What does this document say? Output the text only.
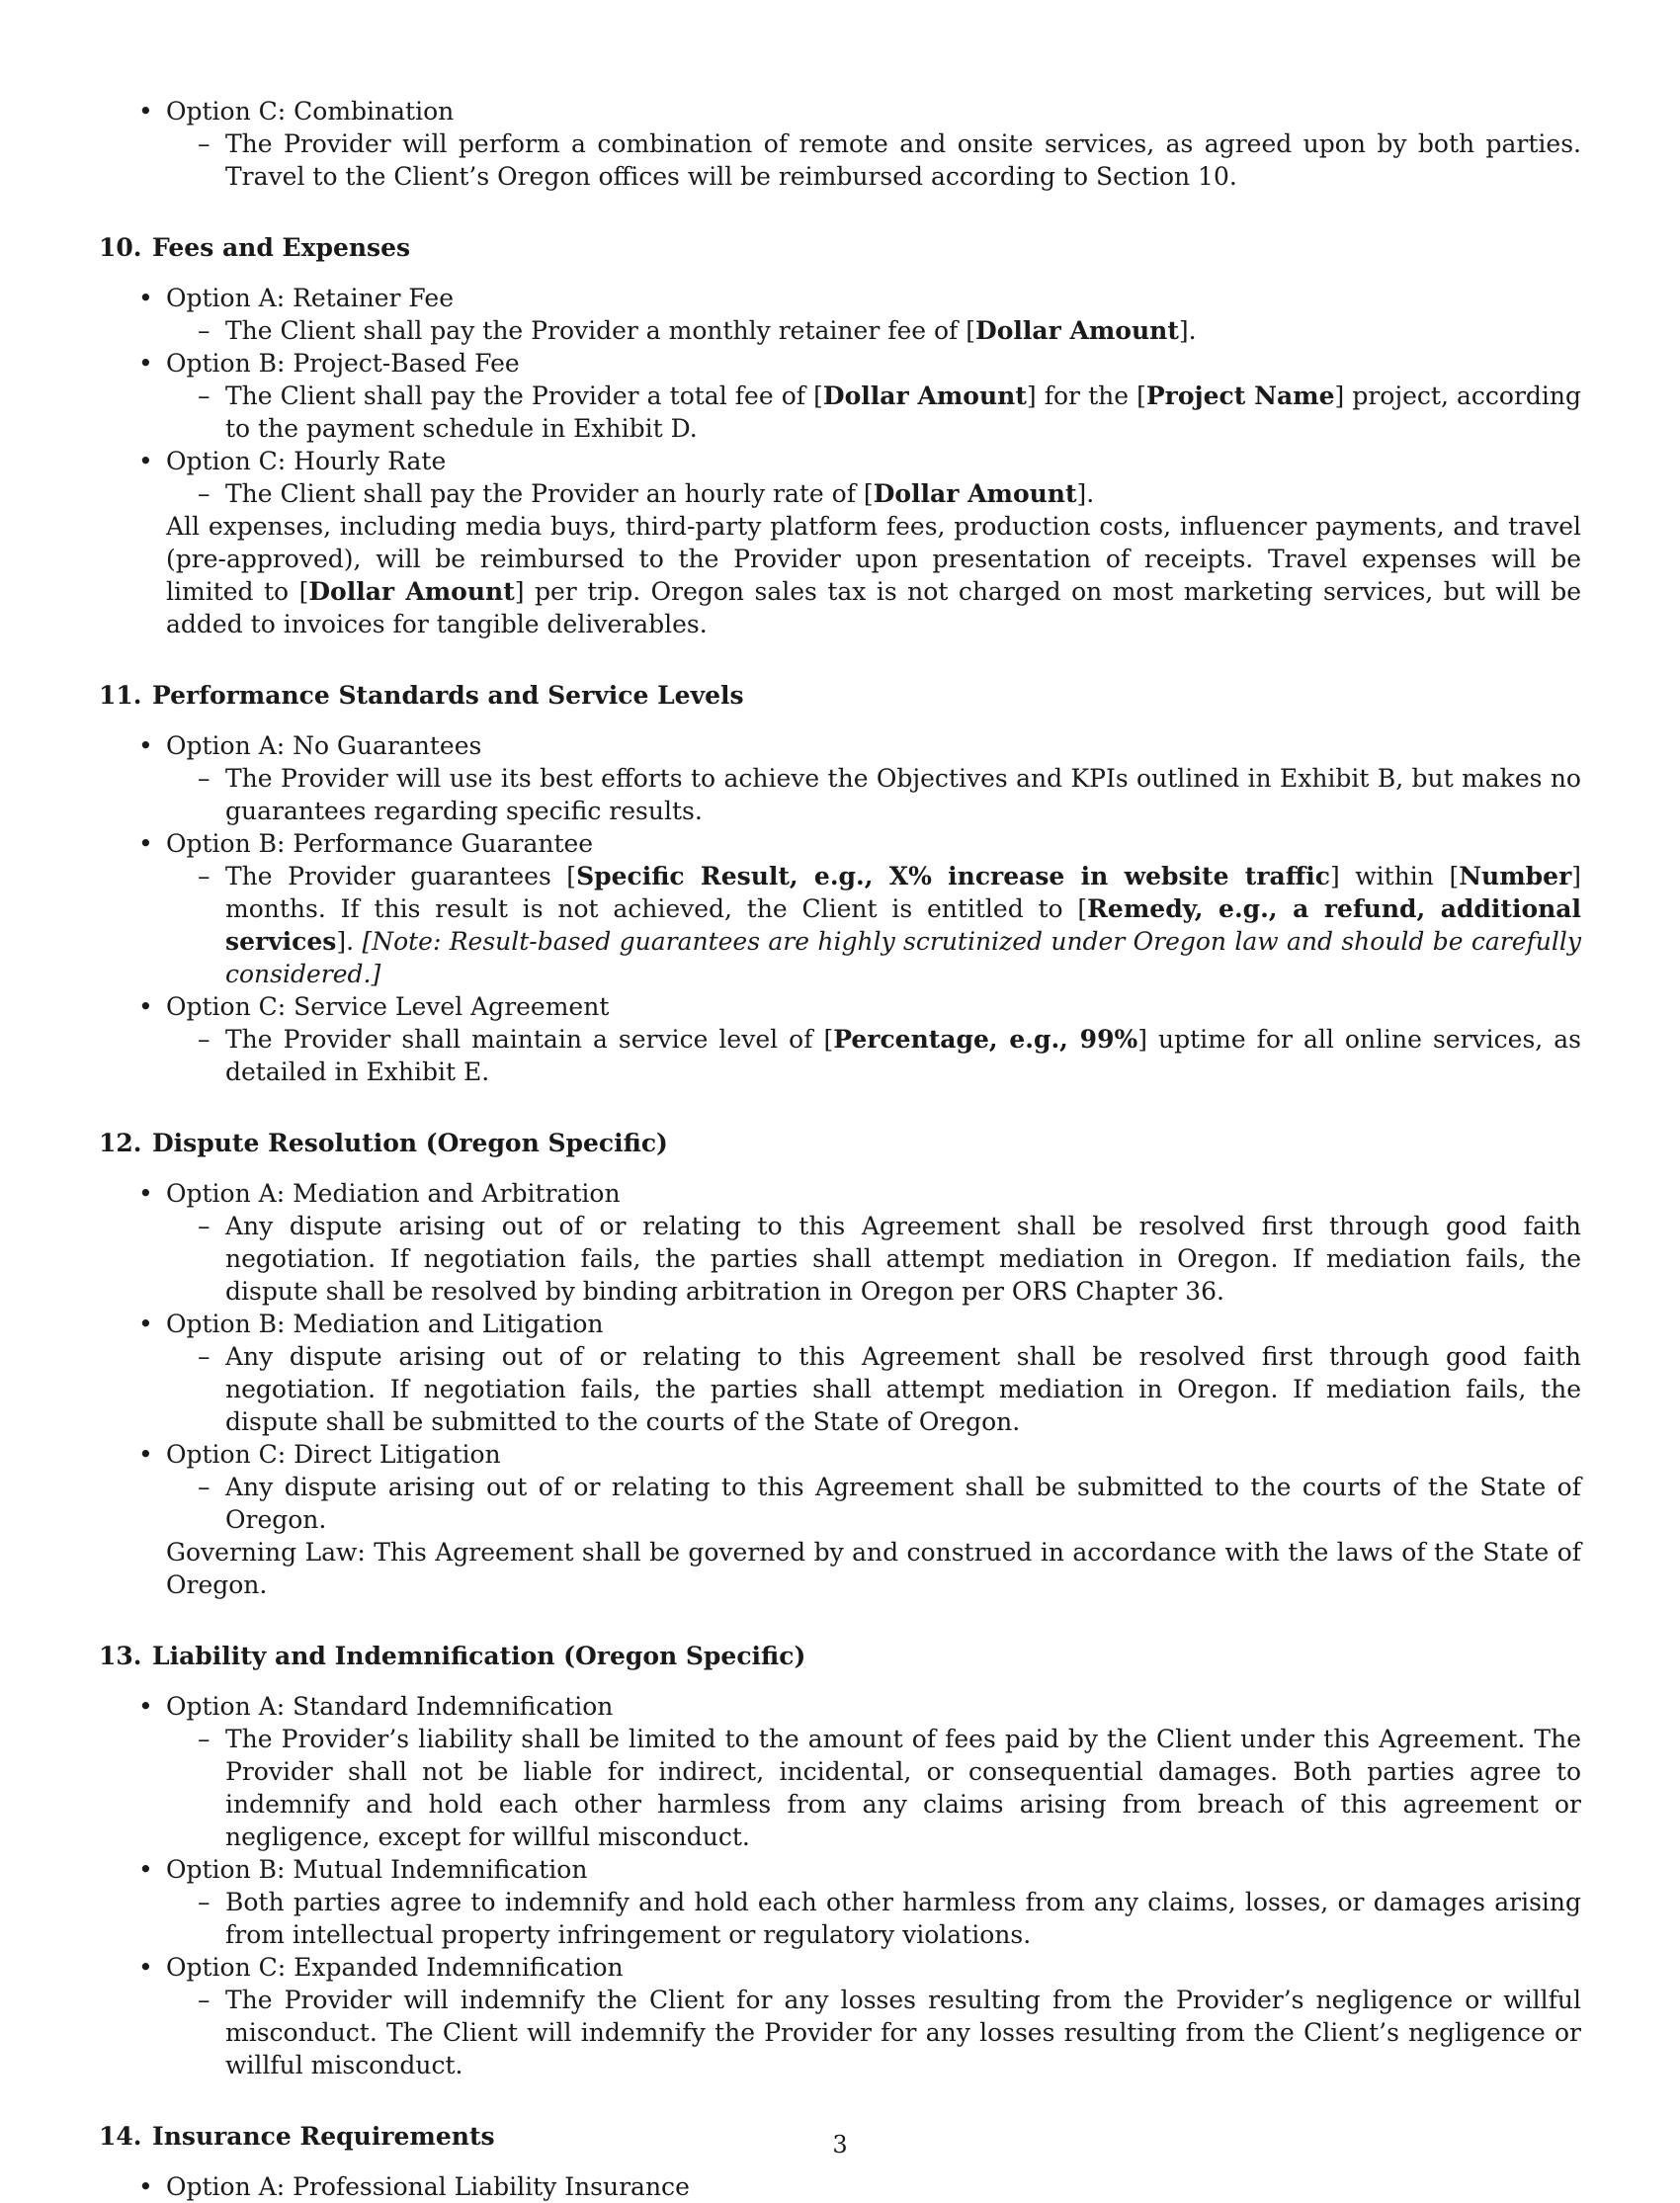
• Option C: Combination
– The Provider will perform a combination of remote and onsite services, as agreed upon by both parties. Travel to the Client’s Oregon offices will be reimbursed according to Section 10.
10. Fees and Expenses
• Option A: Retainer Fee
– The Client shall pay the Provider a monthly retainer fee of [Dollar Amount].
• Option B: Project-Based Fee
– The Client shall pay the Provider a total fee of [Dollar Amount] for the [Project Name] project, according to the payment schedule in Exhibit D.
• Option C: Hourly Rate
– The Client shall pay the Provider an hourly rate of [Dollar Amount].
All expenses, including media buys, third-party platform fees, production costs, influencer payments, and travel (pre-approved), will be reimbursed to the Provider upon presentation of receipts. Travel expenses will be limited to [Dollar Amount] per trip. Oregon sales tax is not charged on most marketing services, but will be added to invoices for tangible deliverables.
11. Performance Standards and Service Levels
• Option A: No Guarantees
– The Provider will use its best efforts to achieve the Objectives and KPIs outlined in Exhibit B, but makes no guarantees regarding specific results.
• Option B: Performance Guarantee
– The Provider guarantees [Specific Result, e.g., X% increase in website traffic] within [Number] months. If this result is not achieved, the Client is entitled to [Remedy, e.g., a refund, additional services]. [Note: Result-based guarantees are highly scrutinized under Oregon law and should be carefully considered.]
• Option C: Service Level Agreement
– The Provider shall maintain a service level of [Percentage, e.g., 99%] uptime for all online services, as detailed in Exhibit E.
12. Dispute Resolution (Oregon Specific)
• Option A: Mediation and Arbitration
– Any dispute arising out of or relating to this Agreement shall be resolved first through good faith negotiation. If negotiation fails, the parties shall attempt mediation in Oregon. If mediation fails, the dispute shall be resolved by binding arbitration in Oregon per ORS Chapter 36.
• Option B: Mediation and Litigation
– Any dispute arising out of or relating to this Agreement shall be resolved first through good faith negotiation. If negotiation fails, the parties shall attempt mediation in Oregon. If mediation fails, the dispute shall be submitted to the courts of the State of Oregon.
• Option C: Direct Litigation
– Any dispute arising out of or relating to this Agreement shall be submitted to the courts of the State of Oregon.
Governing Law: This Agreement shall be governed by and construed in accordance with the laws of the State of Oregon.
13. Liability and Indemnification (Oregon Specific)
• Option A: Standard Indemnification
– The Provider’s liability shall be limited to the amount of fees paid by the Client under this Agreement. The Provider shall not be liable for indirect, incidental, or consequential damages. Both parties agree to indemnify and hold each other harmless from any claims arising from breach of this agreement or negligence, except for willful misconduct.
• Option B: Mutual Indemnification
– Both parties agree to indemnify and hold each other harmless from any claims, losses, or damages arising from intellectual property infringement or regulatory violations.
• Option C: Expanded Indemnification
– The Provider will indemnify the Client for any losses resulting from the Provider’s negligence or willful misconduct. The Client will indemnify the Provider for any losses resulting from the Client’s negligence or willful misconduct.
14. Insurance Requirements
• Option A: Professional Liability Insurance
3
